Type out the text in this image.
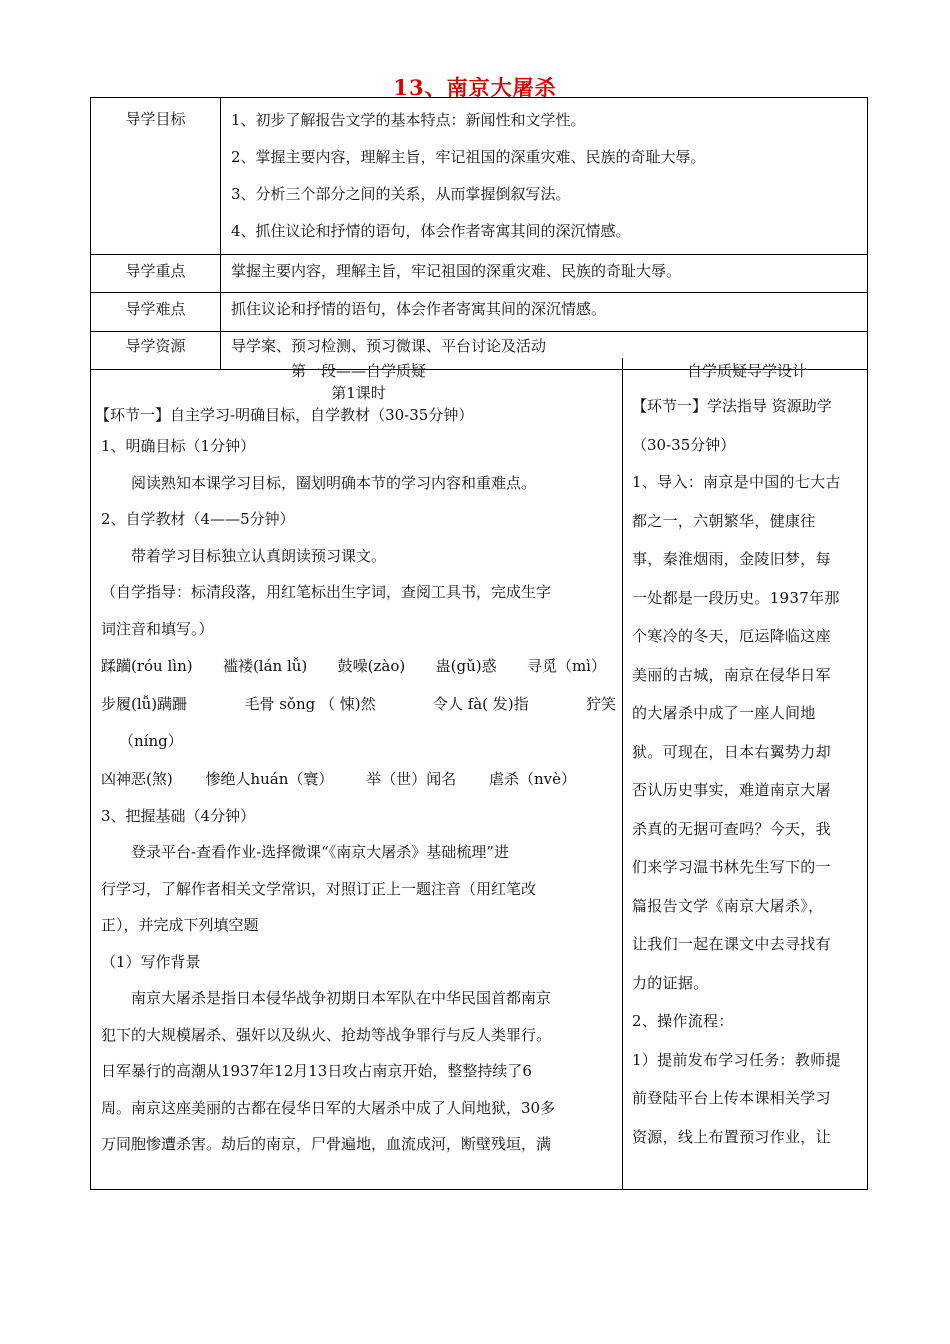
13、南京大屠杀
导学目标	1、初步了解报告文学的基本特点：新闻性和文学性。
2、掌握主要内容，理解主旨，牢记祖国的深重灾难、民族的奇耻大辱。
3、分析三个部分之间的关系，从而掌握倒叙写法。
4、抓住议论和抒情的语句，体会作者寄寓其间的深沉情感。

导学重点	掌握主要内容，理解主旨，牢记祖国的深重灾难、民族的奇耻大辱。

导学难点	抓住议论和抒情的语句，体会作者寄寓其间的深沉情感。

导学资源	导学案、预习检测、预习微课、平台讨论及活动
第一段——自学质疑
第1课时
【环节一】自主学习-明确目标，自学教材（30-35分钟）
1、明确目标（1分钟）
阅读熟知本课学习目标，圈划明确本节的学习内容和重难点。
2、自学教材（4——5分钟）
带着学习目标独立认真朗读预习课文。
（自学指导：标清段落，用红笔标出生字词，查阅工具书，完成生字
词注音和填写。）
蹂躏(róu lìn) 褴褛(lán lǚ) 鼓噪(zào) 蛊(gǔ)惑 寻觅（mì）
步履(lǚ)蹒跚	毛骨 sǒng （ 悚)然	令人 fà( 发)指	狞笑
（níng）
凶神恶(煞) 惨绝人huán（寰） 举（世）闻名 虐杀（nvè）
3、把握基础（4分钟）
登录平台-查看作业-选择微课“《南京大屠杀》基础梳理”进
行学习，了解作者相关文学常识，对照订正上一题注音（用红笔改
正），并完成下列填空题
（1）写作背景
南京大屠杀是指日本侵华战争初期日本军队在中华民国首都南京
犯下的大规模屠杀、强奸以及纵火、抢劫等战争罪行与反人类罪行。
日军暴行的高潮从1937年12月13日攻占南京开始，整整持续了6
周。南京这座美丽的古都在侵华日军的大屠杀中成了人间地狱，30多
万同胞惨遭杀害。劫后的南京，尸骨遍地，血流成河，断壁残垣，满
自学质疑导学设计
【环节一】学法指导 资源助学
（30-35分钟）
1、导入：南京是中国的七大古
都之一，六朝繁华，健康往
事，秦淮烟雨，金陵旧梦，每
一处都是一段历史。1937年那
个寒冷的冬天，厄运降临这座
美丽的古城，南京在侵华日军
的大屠杀中成了一座人间地
狱。可现在，日本右翼势力却
否认历史事实，难道南京大屠
杀真的无据可查吗？今天，我
们来学习温书林先生写下的一
篇报告文学《南京大屠杀》，
让我们一起在课文中去寻找有
力的证据。
2、操作流程：
1）提前发布学习任务：教师提
前登陆平台上传本课相关学习
资源，线上布置预习作业，让
